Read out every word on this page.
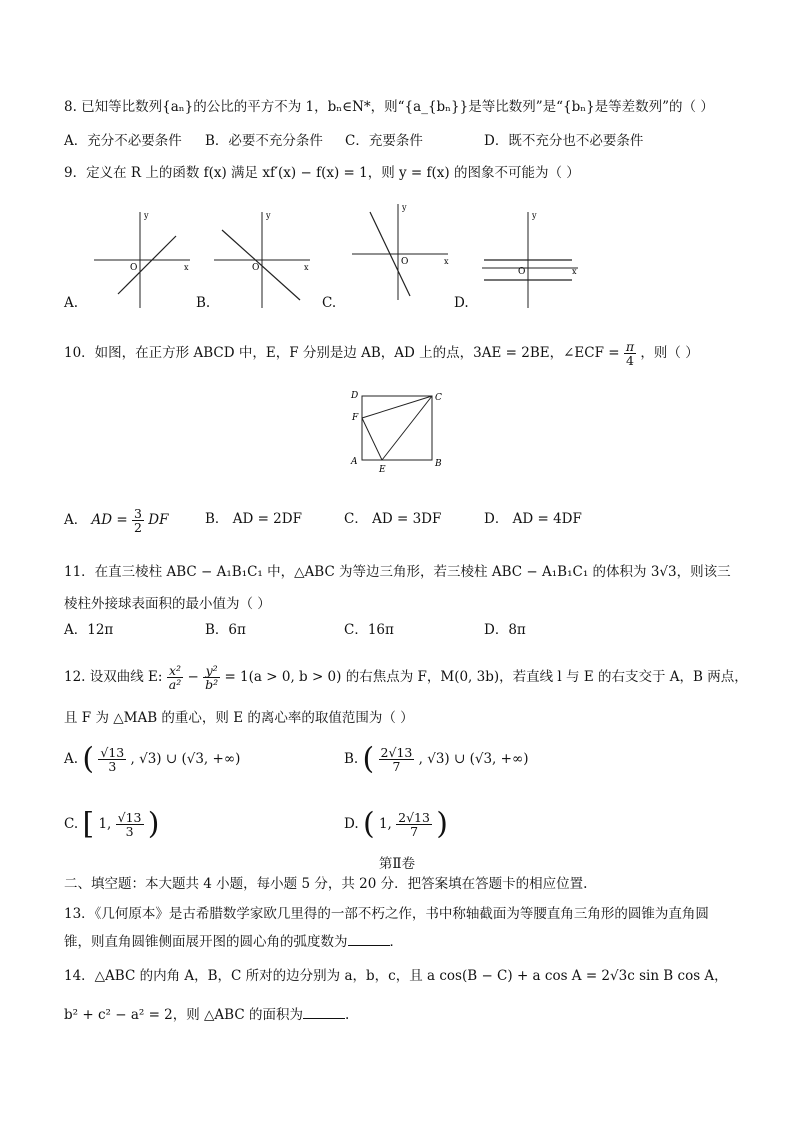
8. 已知等比数列{aₙ}的公比的平方不为 1，bₙ∈N*，则“{a_{bₙ}}是等比数列”是“{bₙ}是等差数列”的（ ）
A．充分不必要条件 B．必要不充分条件 C．充要条件	D．既不充分也不必要条件
9．定义在 R 上的函数 f(x) 满足 xf′(x) − f(x) = 1，则 y = f(x) 的图象不可能为（ ）
y
x
O
A.
y
x
O
B.
y
x
O
C.
y
x
O
D.
10．如图，在正方形 ABCD 中，E，F 分别是边 AB，AD 上的点，3AE = 2BE，∠ECF = $\frac{\pi}{4}$ ，则（ ）
D	C
F
A
E
B
A． AD = $\frac{3}{2}$ DF	B． AD = 2DF	C． AD = 3DF	D． AD = 4DF
11．在直三棱柱 ABC − A₁B₁C₁ 中，△ABC 为等边三角形，若三棱柱 ABC − A₁B₁C₁ 的体积为 3√3，则该三
棱柱外接球表面积的最小值为（ ）
A．12π	B．6π	C．16π	D．8π
12. 设双曲线 E: $\frac{\text{x²}}{\text{a²}} - \frac{\text{y²}}{\text{b²}} = 1(a > 0$, b > 0) 的右焦点为 F，M(0, 3b)，若直线 l 与 E 的右支交于 A，B 两点，
且 F 为 △MAB 的重心，则 E 的离心率的取值范围为（ ）
A. ( $\frac{√13}{3}$ , √3) ∪ (√3, +∞)	B. ( $\frac{2√13}{7}$ , √3) ∪ (√3, +∞)
C. [ 1, $\frac{√13}{3}$ )	D. ( 1, $\frac{2√13}{7}$ )
第Ⅱ卷
二、填空题：本大题共 4 小题，每小题 5 分，共 20 分．把答案填在答题卡的相应位置.
13．《几何原本》是古希腊数学家欧几里得的一部不朽之作，书中称轴截面为等腰直角三角形的圆锥为直角圆
锥，则直角圆锥侧面展开图的圆心角的弧度数为	．
14．△ABC 的内角 A，B，C 所对的边分别为 a，b，c，且 a cos(B − C) + a cos A = 2√3c sin B cos A，
b² + c² − a² = 2，则 △ABC 的面积为	.
